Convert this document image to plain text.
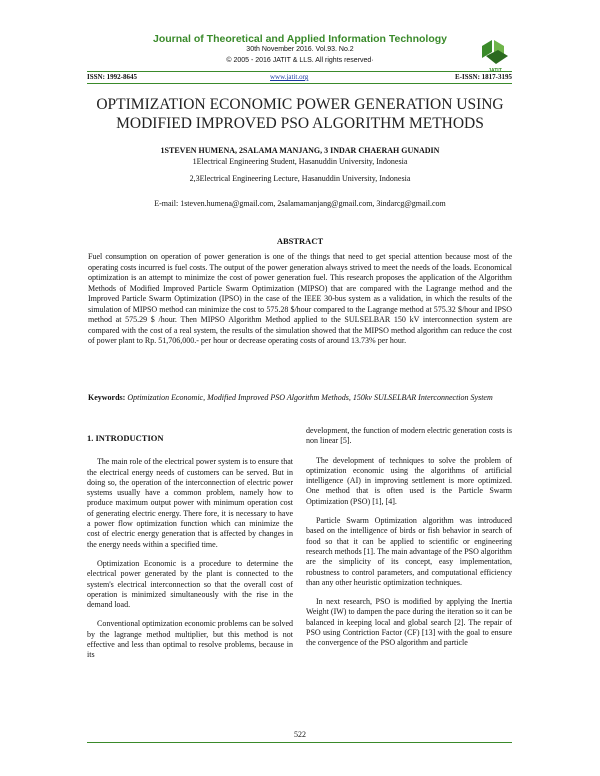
Journal of Theoretical and Applied Information Technology
30th November 2016. Vol.93. No.2
© 2005 - 2016 JATIT & LLS. All rights reserved·
ISSN: 1992-8645	www.jatit.org	E-ISSN: 1817-3195
OPTIMIZATION ECONOMIC POWER GENERATION USING MODIFIED IMPROVED PSO ALGORITHM METHODS
1STEVEN HUMENA, 2SALAMA MANJANG, 3 INDAR CHAERAH GUNADIN
1Electrical Engineering Student, Hasanuddin University, Indonesia
2,3Electrical Engineering Lecture, Hasanuddin University, Indonesia
E-mail: 1steven.humena@gmail.com, 2salamamanjang@gmail.com, 3indarcg@gmail.com
ABSTRACT
Fuel consumption on operation of power generation is one of the things that need to get special attention because most of the operating costs incurred is fuel costs. The output of the power generation always strived to meet the needs of the loads. Economical optimization is an attempt to minimize the cost of power generation fuel. This research proposes the application of the Algorithm Methods of Modified Improved Particle Swarm Optimization (MIPSO) that are compared with the Lagrange method and the Improved Particle Swarm Optimization (IPSO) in the case of the IEEE 30-bus system as a validation, in which the results of the simulation of MIPSO method can minimize the cost to 575.28 $/hour compared to the Lagrange method at 575.32 $/hour and IPSO method at 575.29 $ /hour. Then MIPSO Algorithm Method applied to the SULSELBAR 150 kV interconnection system are compared with the cost of a real system, the results of the simulation showed that the MIPSO method algorithm can reduce the cost of power plant to Rp. 51,706,000.- per hour or decrease operating costs of around 13.73% per hour.
Keywords: Optimization Economic, Modified Improved PSO Algorithm Methods, 150kv SULSELBAR Interconnection System

1. INTRODUCTION

The main role of the electrical power system is to ensure that the electrical energy needs of customers can be served. But in doing so, the operation of the interconnection of electric power systems usually have a common problem, namely how to produce maximum output power with minimum operation cost of generating electric energy. There fore, it is necessary to have a power flow optimization function which can minimize the cost of electric energy generation that is affected by changes in the energy needs within a specified time.

Optimization Economic is a procedure to determine the electrical power generated by the plant is connected to the system's electrical interconnection so that the overall cost of operation is minimized simultaneously with the rise in the demand load.

Conventional optimization economic problems can be solved by the lagrange method multiplier, but this method is not effective and less than optimal to resolve problems, because in its

development, the function of modern electric generation costs is non linear [5].

The development of techniques to solve the problem of optimization economic using the algorithms of artificial intelligence (AI) in improving settlement is more optimized. One method that is often used is the Particle Swarm Optimization (PSO) [1], [4].

Particle Swarm Optimization algorithm was introduced based on the intelligence of birds or fish behavior in search of food so that it can be applied to scientific or engineering research methods [1]. The main advantage of the PSO algorithm are the simplicity of its concept, easy implementation, robustness to control parameters, and computational efficiency than any other heuristic optimization techniques.

In next research, PSO is modified by applying the Inertia Weight (IW) to dampen the pace during the iteration so it can be balanced in keeping local and global search [2]. The repair of PSO using Contriction Factor (CF) [13] with the goal to ensure the convergence of the PSO algorithm and particle

522
